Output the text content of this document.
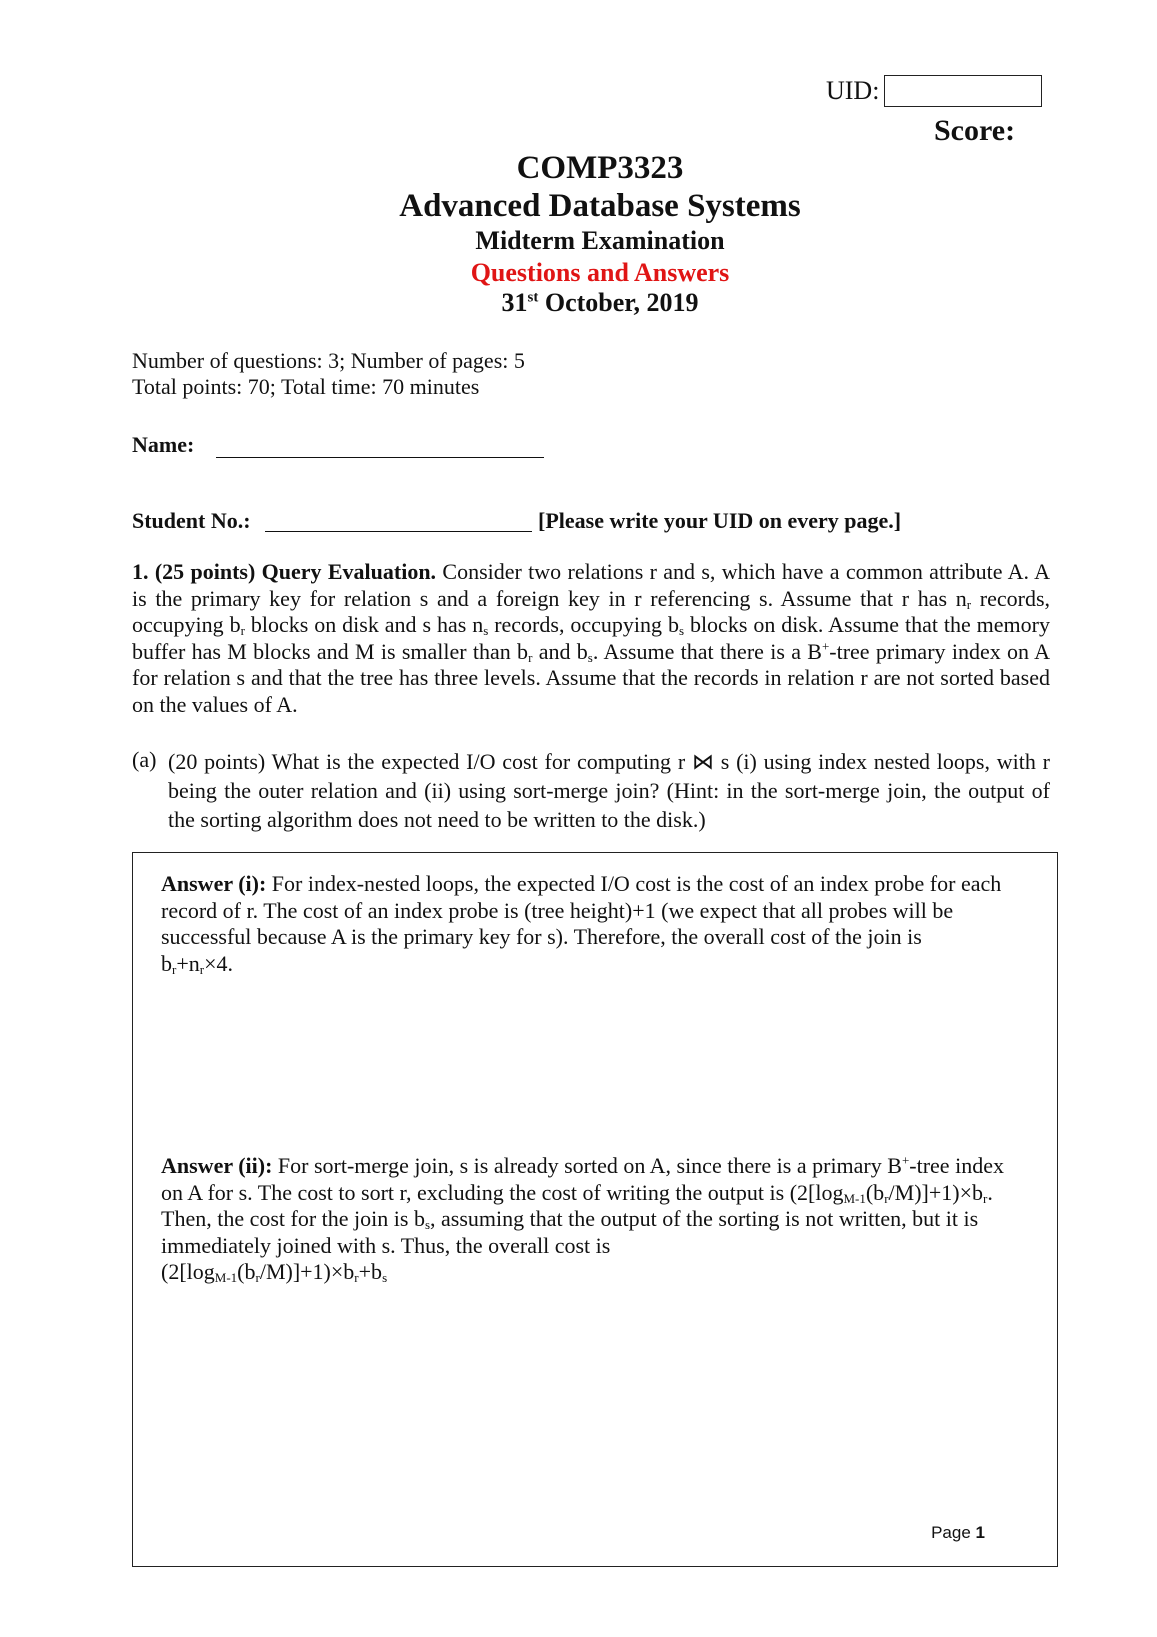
UID:
Score:
COMP3323
Advanced Database Systems
Midterm Examination
Questions and Answers
31st October, 2019
Number of questions: 3; Number of pages: 5
Total points: 70; Total time: 70 minutes
Name:
Student No.:	[Please write your UID on every page.]
1. (25 points) Query Evaluation. Consider two relations r and s, which have a common attribute A. A is the primary key for relation s and a foreign key in r referencing s. Assume that r has $n_r$ records, occupying $b_r$ blocks on disk and s has $n_s$ records, occupying $b_s$ blocks on disk. Assume that the memory buffer has M blocks and M is smaller than $b_r$ and $b_s$. Assume that there is a B+-tree primary index on A for relation s and that the tree has three levels. Assume that the records in relation r are not sorted based on the values of A.
(a) (20 points) What is the expected I/O cost for computing r ⋈ s (i) using index nested loops, with r being the outer relation and (ii) using sort-merge join? (Hint: in the sort-merge join, the output of the sorting algorithm does not need to be written to the disk.)
Answer (i): For index-nested loops, the expected I/O cost is the cost of an index probe for each record of r. The cost of an index probe is (tree height)+1 (we expect that all probes will be successful because A is the primary key for s). Therefore, the overall cost of the join is
$b_r+n_r\times 4$.
Answer (ii): For sort-merge join, s is already sorted on A, since there is a primary B+-tree index on A for s. The cost to sort r, excluding the cost of writing the output is $(2[\log_{M-1}(b_r/M)]+1)\times b_r$. Then, the cost for the join is $b_s$, assuming that the output of the sorting is not written, but it is immediately joined with s. Thus, the overall cost is
$(2[\log_{M-1}(b_r/M)]+1)\times b_r+b_s$
Page 1
